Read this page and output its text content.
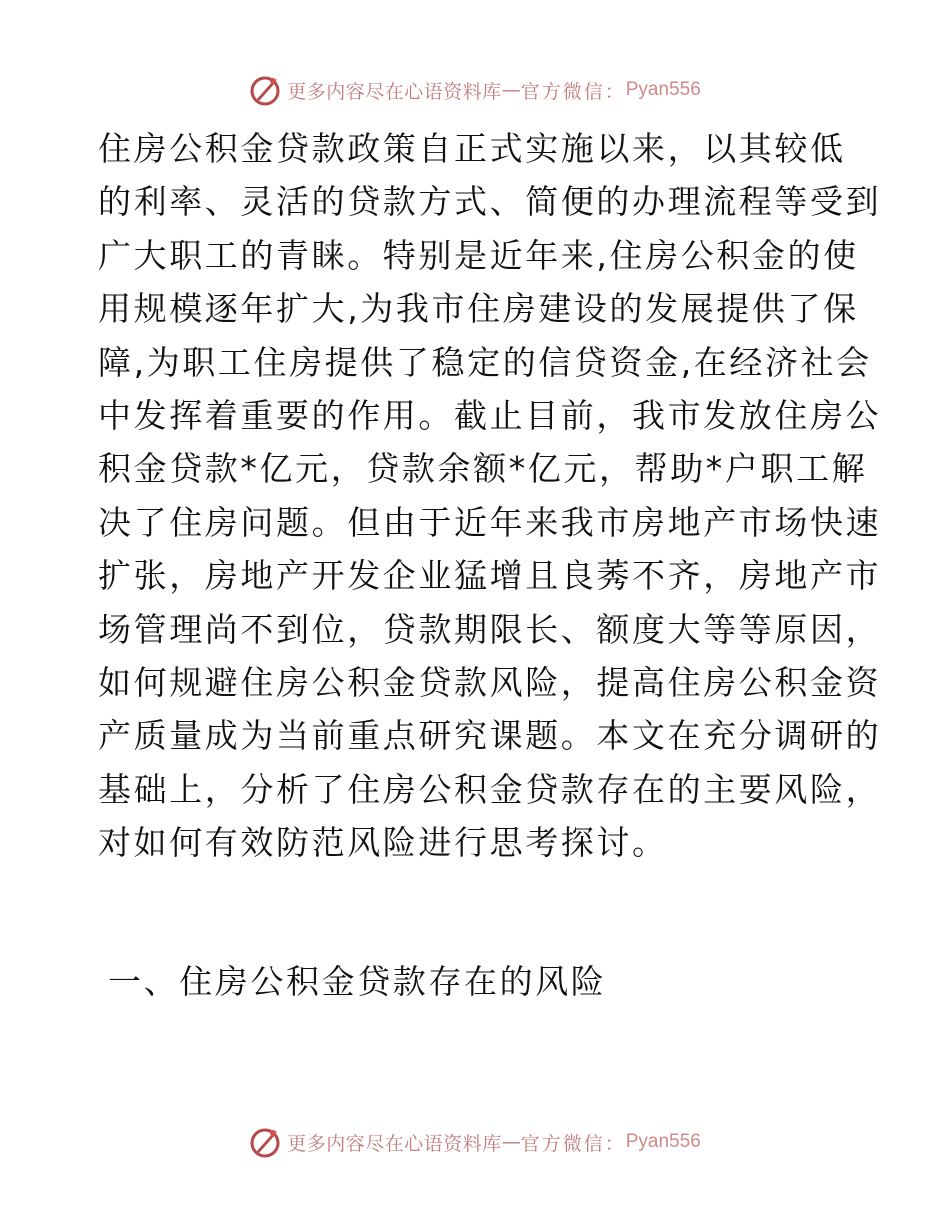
更多内容尽在心语资料库 — 官方微信： Pyan556
住房公积金贷款政策自正式实施以来，以其较低
的利率、灵活的贷款方式、简便的办理流程等受到
广大职工的青睐。特别是近年来,住房公积金的使
用规模逐年扩大,为我市住房建设的发展提供了保
障,为职工住房提供了稳定的信贷资金,在经济社会
中发挥着重要的作用。截止目前，我市发放住房公
积金贷款*亿元，贷款余额*亿元，帮助*户职工解
决了住房问题。但由于近年来我市房地产市场快速
扩张，房地产开发企业猛增且良莠不齐，房地产市
场管理尚不到位，贷款期限长、额度大等等原因，
如何规避住房公积金贷款风险，提高住房公积金资
产质量成为当前重点研究课题。本文在充分调研的
基础上，分析了住房公积金贷款存在的主要风险，
对如何有效防范风险进行思考探讨。
一、住房公积金贷款存在的风险
更多内容尽在心语资料库 — 官方微信： Pyan556
